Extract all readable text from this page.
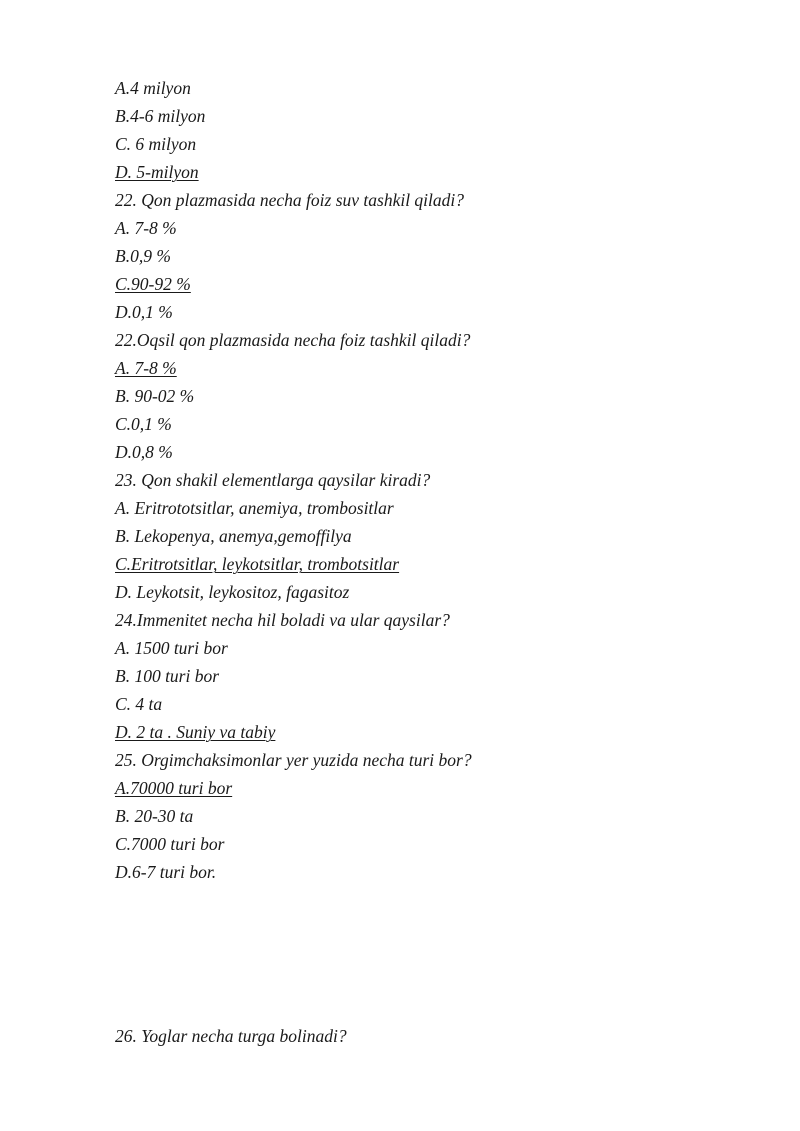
A.4 milyon
B.4-6 milyon
C. 6 milyon
D. 5-milyon
22. Qon plazmasida necha foiz suv tashkil qiladi?
A. 7-8 %
B.0,9 %
C.90-92 %
D.0,1 %
22.Oqsil qon plazmasida necha foiz tashkil qiladi?
A. 7-8 %
B. 90-02 %
C.0,1 %
D.0,8 %
23. Qon shakil elementlarga qaysilar kiradi?
A. Eritrototsitlar, anemiya, trombositlar
B. Lekopenya, anemya,gemoffilya
C.Eritrotsitlar, leykotsitlar, trombotsitlar
D. Leykotsit, leykositoz, fagasitoz
24.Immenitet necha hil boladi va ular qaysilar?
A. 1500 turi bor
B. 100 turi bor
C. 4 ta
D. 2 ta . Suniy va tabiy
25. Orgimchaksimonlar yer yuzida necha turi bor?
A.70000 turi bor
B. 20-30 ta
C.7000 turi bor
D.6-7 turi bor.
26. Yoglar necha turga bolinadi?
